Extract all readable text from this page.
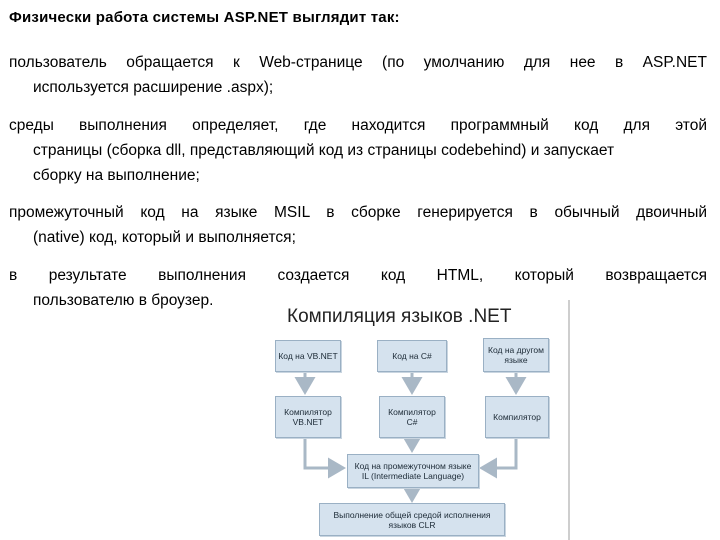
Физически работа системы ASP.NET выглядит так:
пользователь обращается к Web-странице (по умолчанию для нее в ASP.NET
используется расширение .aspx);
среды выполнения определяет, где находится программный код для этой
страницы (сборка dll, представляющий код из страницы codebehind) и запускает
сборку на выполнение;
промежуточный код на языке MSIL в сборке генерируется в обычный двоичный
(native) код, который и выполняется;
в результате выполнения создается код HTML, который возвращается
пользователю в броузер.
Компиляция языков .NET
Код на VB.NET	Код на C#
Код на другом языке
Компилятор VB.NET
Компилятор C#	Компилятор
Код на промежуточном языке IL (Intermediate Language)
Выполнение общей средой исполнения языков CLR
